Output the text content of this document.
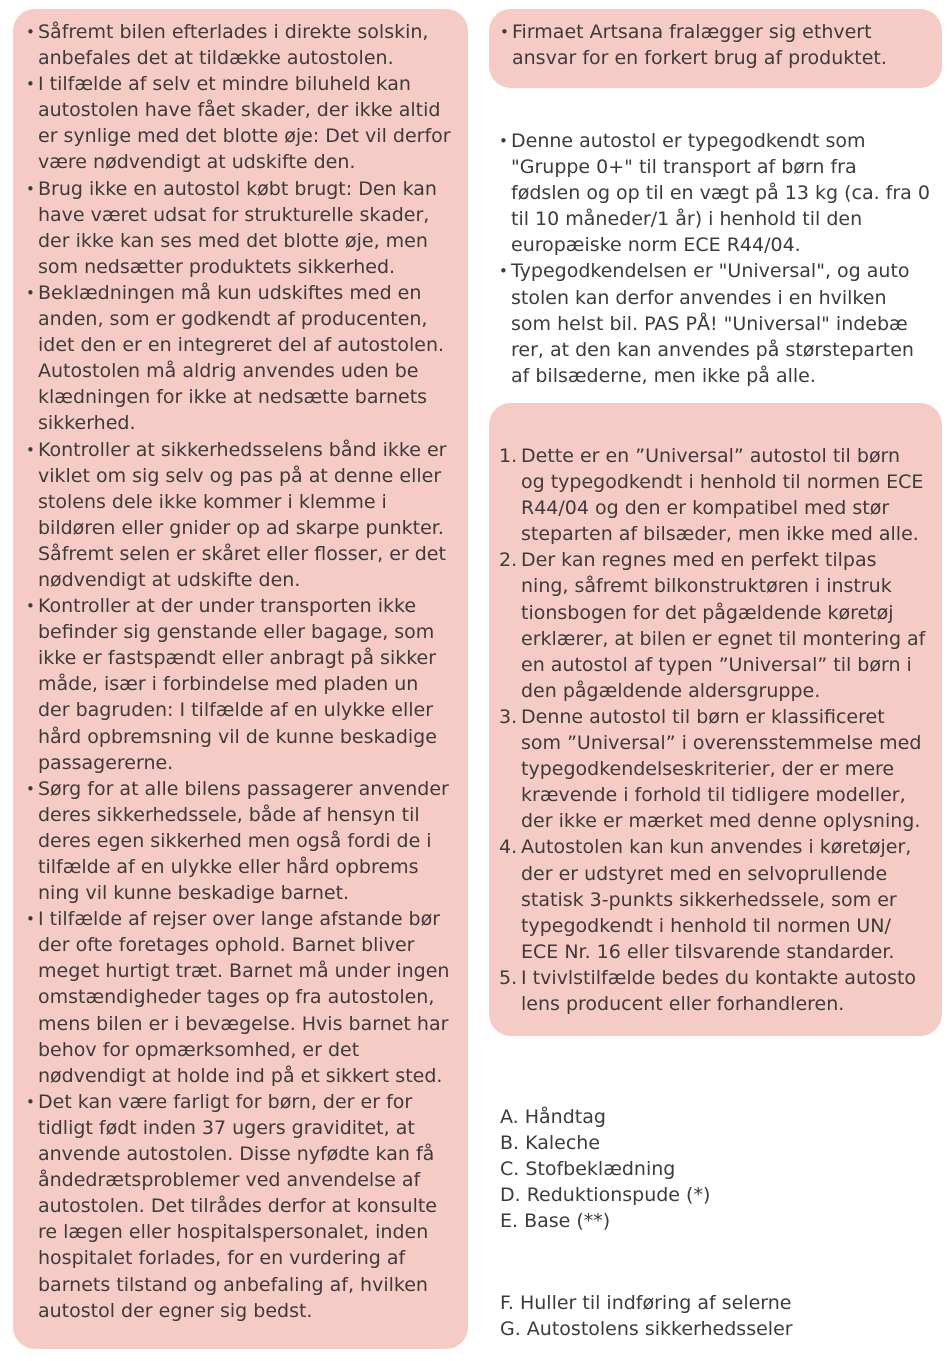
• Såfremt bilen efterlades i direkte solskin, anbefales det at tildække autostolen.
• I tilfælde af selv et mindre biluheld kan autostolen have fået skader, der ikke altid er synlige med det blotte øje: Det vil derfor være nødvendigt at udskifte den.
• Brug ikke en autostol købt brugt: Den kan have været udsat for strukturelle skader, der ikke kan ses med det blotte øje, men som nedsætter produktets sikkerhed.
• Beklædningen må kun udskiftes med en anden, som er godkendt af producenten, idet den er en integreret del af autostolen. Autostolen må aldrig anvendes uden be klædningen for ikke at nedsætte barnets sikkerhed.
• Kontroller at sikkerhedsselens bånd ikke er viklet om sig selv og pas på at denne eller stolens dele ikke kommer i klemme i bildøren eller gnider op ad skarpe punkter. Såfremt selen er skåret eller flosser, er det nødvendigt at udskifte den.
• Kontroller at der under transporten ikke befinder sig genstande eller bagage, som ikke er fastspændt eller anbragt på sikker måde, især i forbindelse med pladen un der bagruden: I tilfælde af en ulykke eller hård opbremsning vil de kunne beskadige passagererne.
• Sørg for at alle bilens passagerer anvender deres sikkerhedssele, både af hensyn til deres egen sikkerhed men også fordi de i tilfælde af en ulykke eller hård opbrems ning vil kunne beskadige barnet.
• I tilfælde af rejser over lange afstande bør der ofte foretages ophold. Barnet bliver meget hurtigt træt. Barnet må under ingen omstændigheder tages op fra autostolen, mens bilen er i bevægelse. Hvis barnet har behov for opmærksomhed, er det nødvendigt at holde ind på et sikkert sted.
• Det kan være farligt for børn, der er for tidligt født inden 37 ugers graviditet, at anvende autostolen. Disse nyfødte kan få åndedrætsproblemer ved anvendelse af autostolen. Det tilrådes derfor at konsulte re lægen eller hospitalspersonalet, inden hospitalet forlades, for en vurdering af barnets tilstand og anbefaling af, hvilken autostol der egner sig bedst.
• Firmaet Artsana fralægger sig ethvert ansvar for en forkert brug af produktet.
• Denne autostol er typegodkendt som "Gruppe 0+" til transport af børn fra fødslen og op til en vægt på 13 kg (ca. fra 0 til 10 måneder/1 år) i henhold til den europæiske norm ECE R44/04.
• Typegodkendelsen er "Universal", og auto stolen kan derfor anvendes i en hvilken som helst bil. PAS PÅ! "Universal" indebæ rer, at den kan anvendes på størsteparten af bilsæderne, men ikke på alle.
1. Dette er en ”Universal” autostol til børn og typegodkendt i henhold til normen ECE R44/04 og den er kompatibel med stør steparten af bilsæder, men ikke med alle.
2. Der kan regnes med en perfekt tilpas ning, såfremt bilkonstruktøren i instruk tionsbogen for det pågældende køretøj erklærer, at bilen er egnet til montering af en autostol af typen ”Universal” til børn i den pågældende aldersgruppe.
3. Denne autostol til børn er klassificeret som ”Universal” i overensstemmelse med typegodkendelseskriterier, der er mere krævende i forhold til tidligere modeller, der ikke er mærket med denne oplysning.
4. Autostolen kan kun anvendes i køretøjer, der er udstyret med en selvoprullende statisk 3-punkts sikkerhedssele, som er typegodkendt i henhold til normen UN/ ECE Nr. 16 eller tilsvarende standarder.
5. I tvivlstilfælde bedes du kontakte autosto lens producent eller forhandleren.
A. Håndtag
B. Kaleche
C. Stofbeklædning
D. Reduktionspude (*)
E. Base (**)
F. Huller til indføring af selerne
G. Autostolens sikkerhedsseler
